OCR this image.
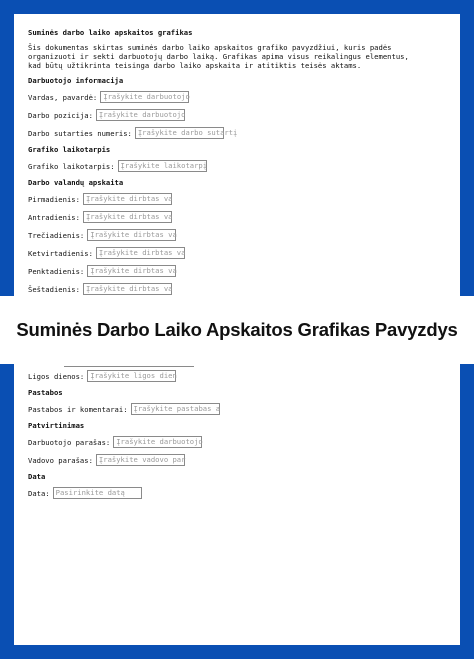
Suminės darbo laiko apskaitos grafikas
Šis dokumentas skirtas suminės darbo laiko apskaitos grafiko pavyzdžiui, kuris padės organizuoti ir sekti darbuotojų darbo laiką. Grafikas apima visus reikalingus elementus, kad būtų užtikrinta teisinga darbo laiko apskaita ir atitiktis teisės aktams.
Darbuotojo informacija
Vardas, pavardė: Įrašykite darbuotojo
Darbo pozicija: Įrašykite darbuotojo
Darbo sutarties numeris: Įrašykite darbo sutartį
Grafiko laikotarpis
Grafiko laikotarpis: Įrašykite laikotarpį
Darbo valandų apskaita
Pirmadienis: Įrašykite dirbtas va
Antradienis: Įrašykite dirbtas va
Trečiadienis: Įrašykite dirbtas va
Ketvirtadienis: Įrašykite dirbtas va
Penktadienis: Įrašykite dirbtas va
Šeštadienis: Įrašykite dirbtas va
Suminės Darbo Laiko Apskaitos Grafikas Pavyzdys
Ligos dienos: Įrašykite ligos dien
Pastabos
Pastabos ir komentarai: Įrašykite pastabas a
Patvirtinimas
Darbuotojo parašas: Įrašykite darbuotojo
Vadovo parašas: Įrašykite vadovo par
Data
Data: Pasirinkite datą
